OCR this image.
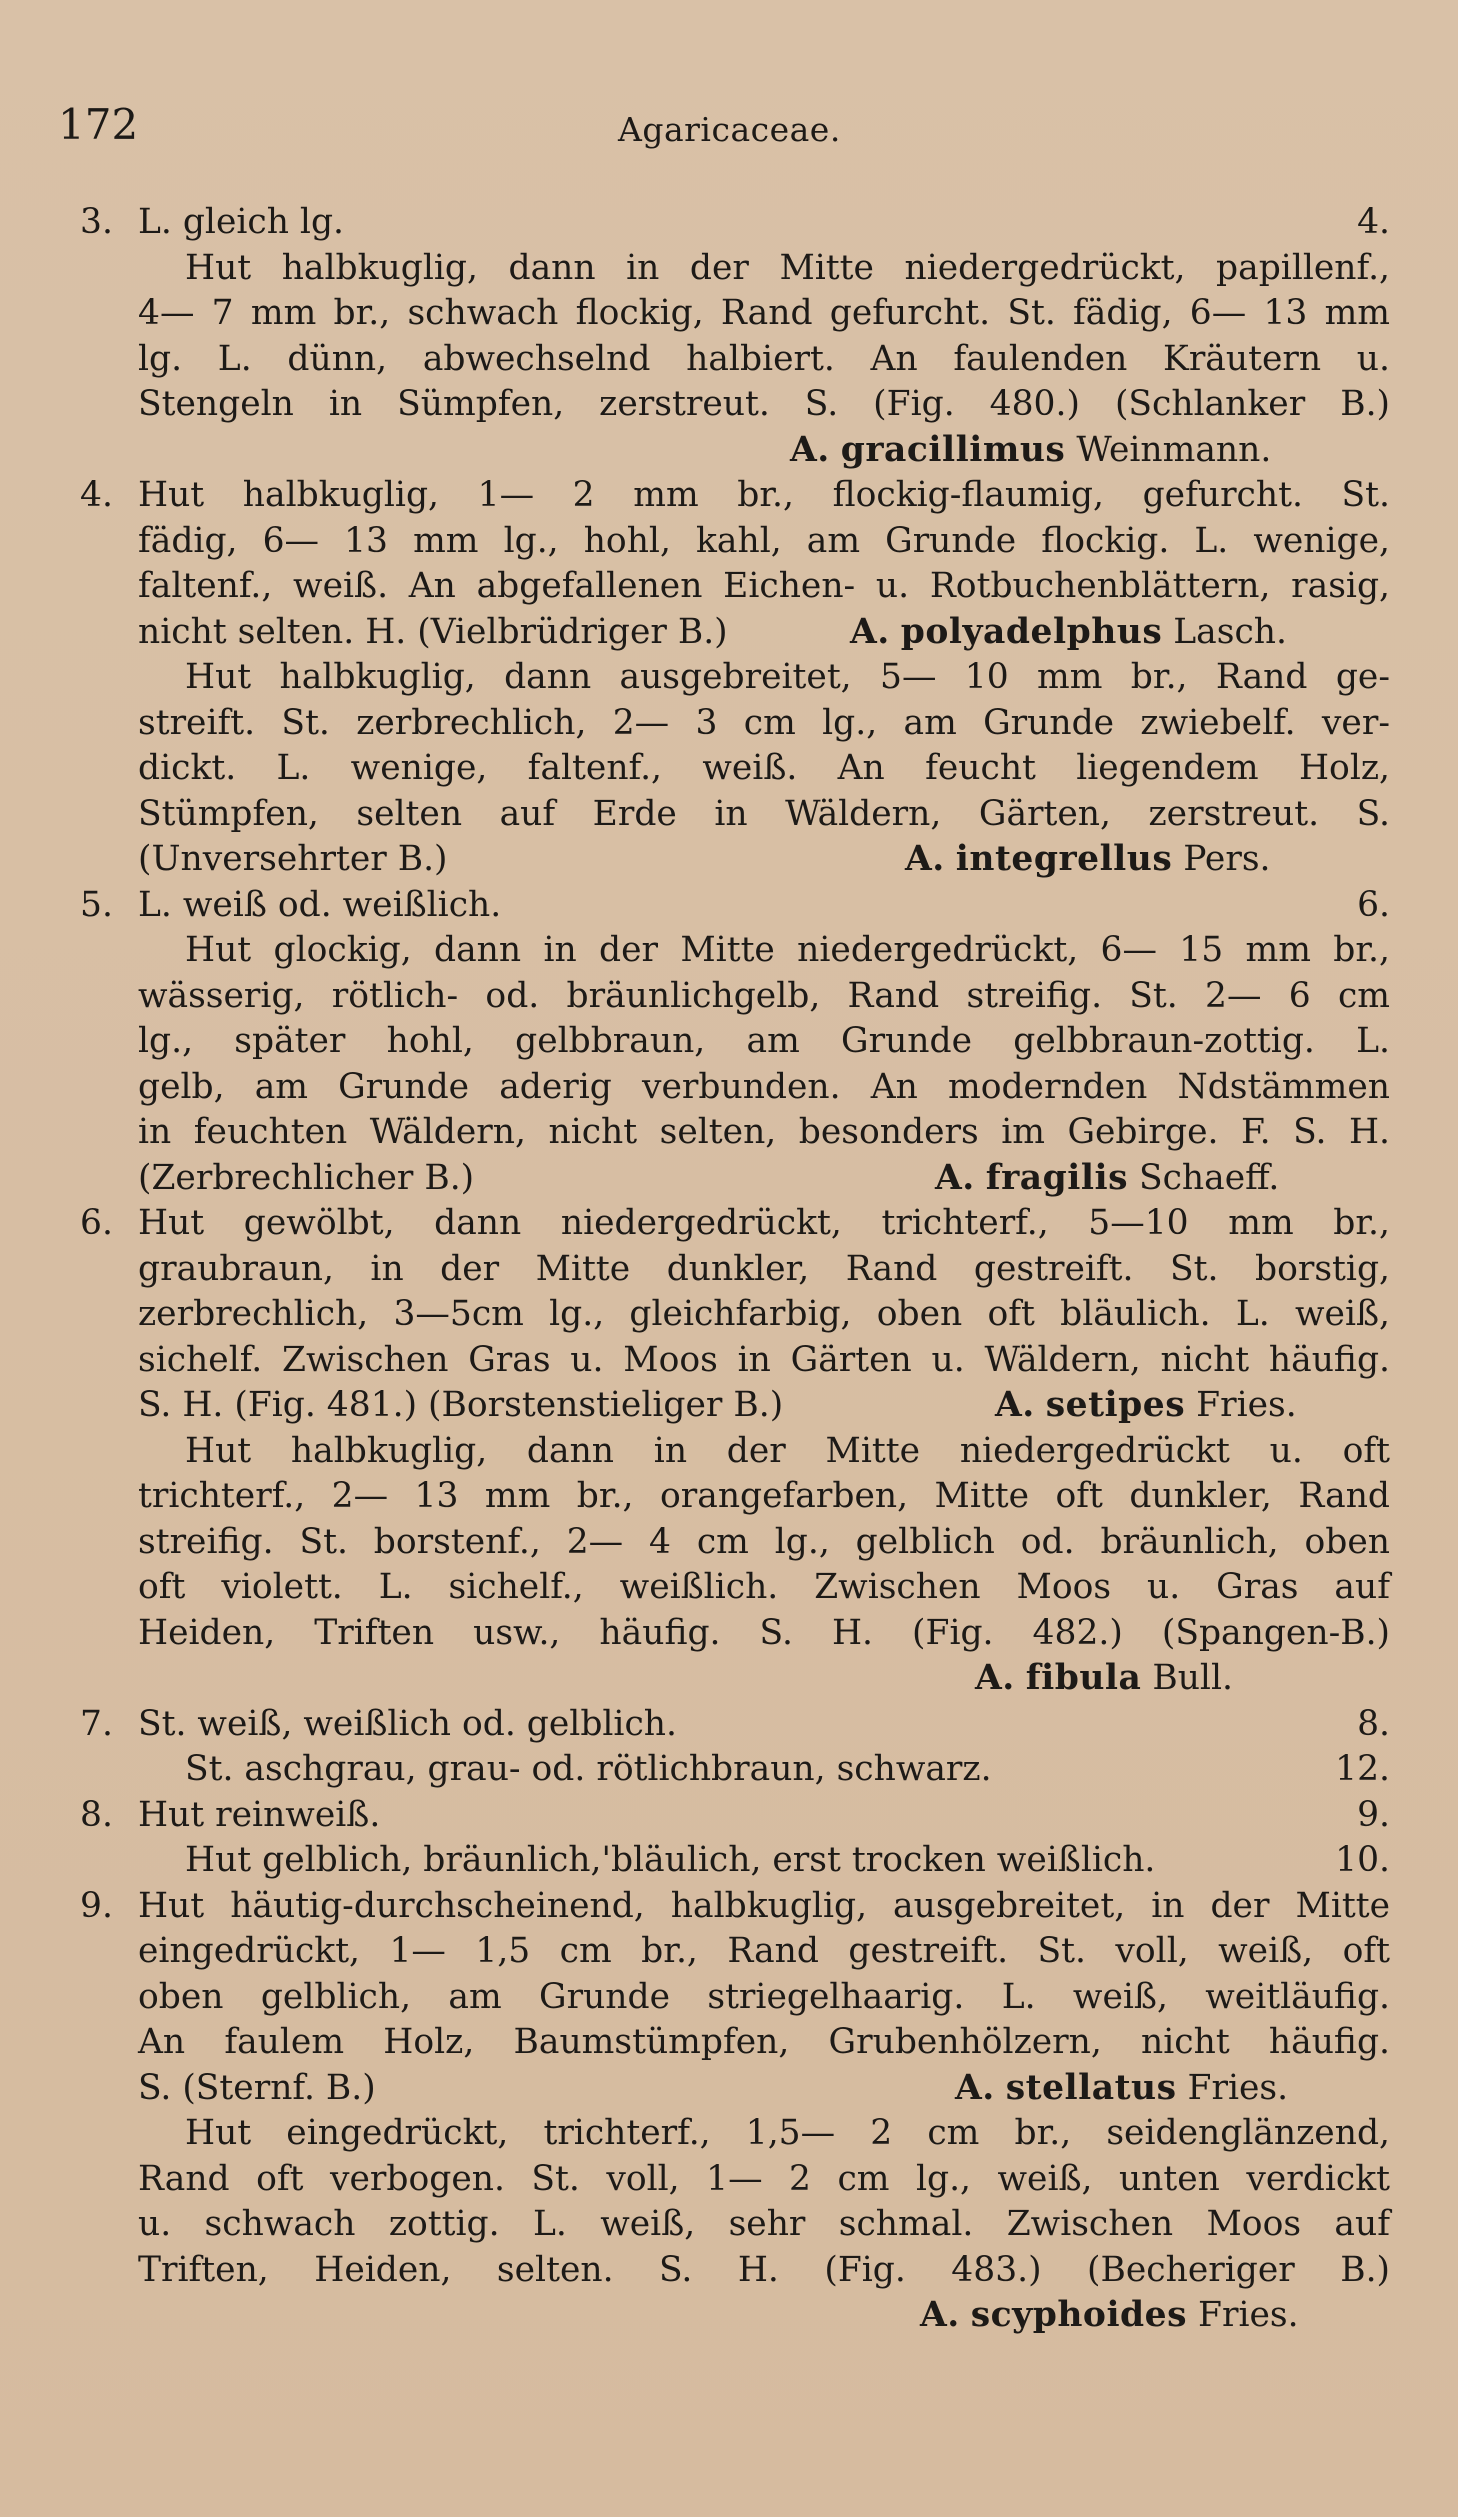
172	Agaricaceae.
3. L. gleich lg.	4.
Hut halbkuglig, dann in der Mitte niedergedrückt, papillenf.,
4— 7 mm br., schwach flockig, Rand gefurcht. St. fädig, 6— 13 mm
lg. L. dünn, abwechselnd halbiert. An faulenden Kräutern u.
Stengeln in Sümpfen, zerstreut. S. (Fig. 480.) (Schlanker B.)
A. gracillimus Weinmann.
4. Hut halbkuglig, 1— 2 mm br., flockig-flaumig, gefurcht. St.
fädig, 6— 13 mm lg., hohl, kahl, am Grunde flockig. L. wenige,
faltenf., weiß. An abgefallenen Eichen- u. Rotbuchenblättern, rasig,
nicht selten. H. (Vielbrüdriger B.)	A. polyadelphus Lasch.
Hut halbkuglig, dann ausgebreitet, 5— 10 mm br., Rand ge-
streift. St. zerbrechlich, 2— 3 cm lg., am Grunde zwiebelf. ver-
dickt. L. wenige, faltenf., weiß. An feucht liegendem Holz,
Stümpfen, selten auf Erde in Wäldern, Gärten, zerstreut. S.
(Unversehrter B.)	A. integrellus Pers.
5. L. weiß od. weißlich.	6.
Hut glockig, dann in der Mitte niedergedrückt, 6— 15 mm br.,
wässerig, rötlich- od. bräunlichgelb, Rand streifig. St. 2— 6 cm
lg., später hohl, gelbbraun, am Grunde gelbbraun-zottig. L.
gelb, am Grunde aderig verbunden. An modernden Ndstämmen
in feuchten Wäldern, nicht selten, besonders im Gebirge. F. S. H.
(Zerbrechlicher B.)	A. fragilis Schaeff.
6. Hut gewölbt, dann niedergedrückt, trichterf., 5—10 mm br.,
graubraun, in der Mitte dunkler, Rand gestreift. St. borstig,
zerbrechlich, 3—5cm lg., gleichfarbig, oben oft bläulich. L. weiß,
sichelf. Zwischen Gras u. Moos in Gärten u. Wäldern, nicht häufig.
S. H. (Fig. 481.) (Borstenstieliger B.)	A. setipes Fries.
Hut halbkuglig, dann in der Mitte niedergedrückt u. oft
trichterf., 2— 13 mm br., orangefarben, Mitte oft dunkler, Rand
streifig. St. borstenf., 2— 4 cm lg., gelblich od. bräunlich, oben
oft violett. L. sichelf., weißlich. Zwischen Moos u. Gras auf
Heiden, Triften usw., häufig. S. H. (Fig. 482.) (Spangen-B.)
A. fibula Bull.
7. St. weiß, weißlich od. gelblich.	8.
St. aschgrau, grau- od. rötlichbraun, schwarz.	12.
8. Hut reinweiß.	9.
Hut gelblich, bräunlich,'bläulich, erst trocken weißlich.	10.
9. Hut häutig-durchscheinend, halbkuglig, ausgebreitet, in der Mitte
eingedrückt, 1— 1,5 cm br., Rand gestreift. St. voll, weiß, oft
oben gelblich, am Grunde striegelhaarig. L. weiß, weitläufig.
An faulem Holz, Baumstümpfen, Grubenhölzern, nicht häufig.
S. (Sternf. B.)	A. stellatus Fries.
Hut eingedrückt, trichterf., 1,5— 2 cm br., seidenglänzend,
Rand oft verbogen. St. voll, 1— 2 cm lg., weiß, unten verdickt
u. schwach zottig. L. weiß, sehr schmal. Zwischen Moos auf
Triften, Heiden, selten. S. H. (Fig. 483.) (Becheriger B.)
A. scyphoides Fries.
